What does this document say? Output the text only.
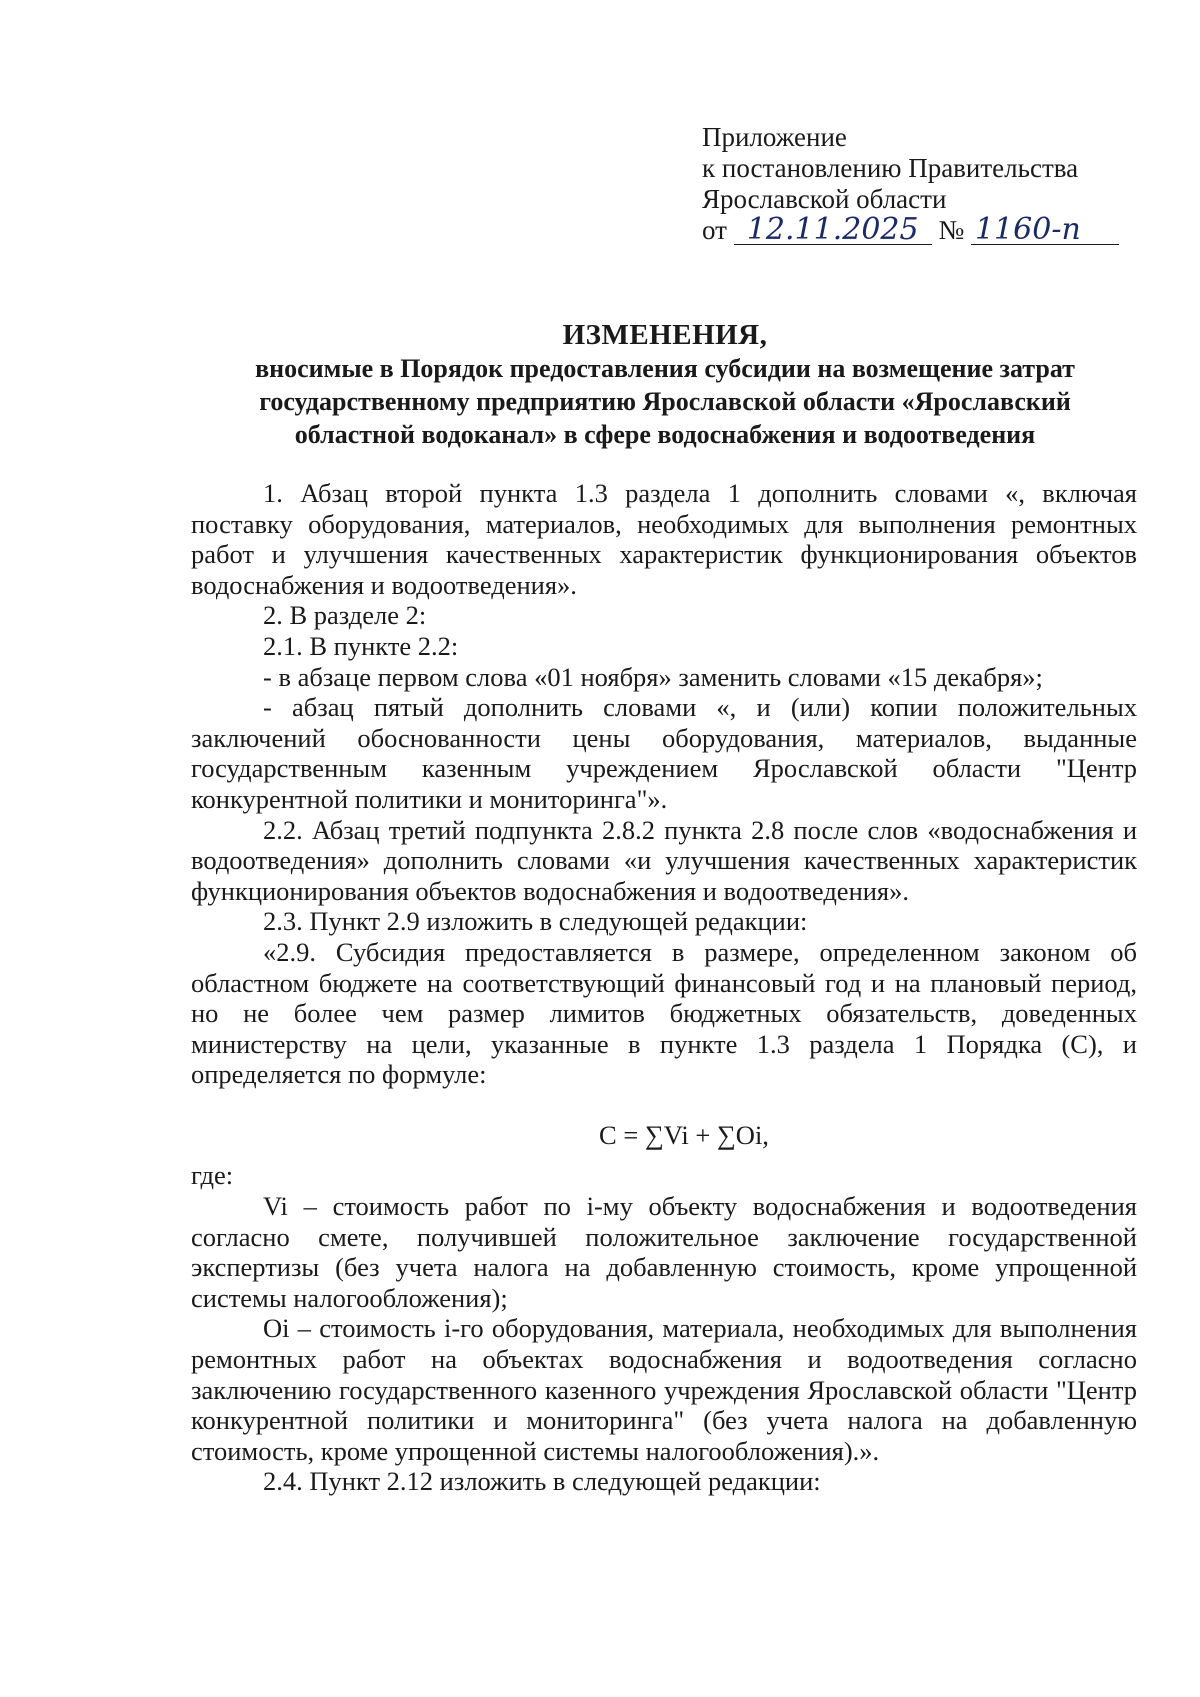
Приложение
к постановлению Правительства
Ярославской области
от 12.11.2025 № 1160-п
ИЗМЕНЕНИЯ,
вносимые в Порядок предоставления субсидии на возмещение затрат
государственному предприятию Ярославской области «Ярославский
областной водоканал» в сфере водоснабжения и водоотведения

1. Абзац второй пункта 1.3 раздела 1 дополнить словами «, включая поставку оборудования, материалов, необходимых для выполнения ремонтных работ и улучшения качественных характеристик функционирования объектов водоснабжения и водоотведения».

2. В разделе 2:

2.1. В пункте 2.2:

- в абзаце первом слова «01 ноября» заменить словами «15 декабря»;

- абзац пятый дополнить словами «, и (или) копии положительных заключений обоснованности цены оборудования, материалов, выданные государственным казенным учреждением Ярославской области "Центр конкурентной политики и мониторинга"».

2.2. Абзац третий подпункта 2.8.2 пункта 2.8 после слов «водоснабжения и водоотведения» дополнить словами «и улучшения качественных характеристик функционирования объектов водоснабжения и водоотведения».

2.3. Пункт 2.9 изложить в следующей редакции:

«2.9. Субсидия предоставляется в размере, определенном законом об областном бюджете на соответствующий финансовый год и на плановый период, но не более чем размер лимитов бюджетных обязательств, доведенных министерству на цели, указанные в пункте 1.3 раздела 1 Порядка (С), и определяется по формуле:

С = ∑Vi + ∑Oi,

где:

Vi – стоимость работ по i-му объекту водоснабжения и водоотведения согласно смете, получившей положительное заключение государственной экспертизы (без учета налога на добавленную стоимость, кроме упрощенной системы налогообложения);

Oi – стоимость i-го оборудования, материала, необходимых для выполнения ремонтных работ на объектах водоснабжения и водоотведения согласно заключению государственного казенного учреждения Ярославской области "Центр конкурентной политики и мониторинга" (без учета налога на добавленную стоимость, кроме упрощенной системы налогообложения).».

2.4. Пункт 2.12 изложить в следующей редакции:
